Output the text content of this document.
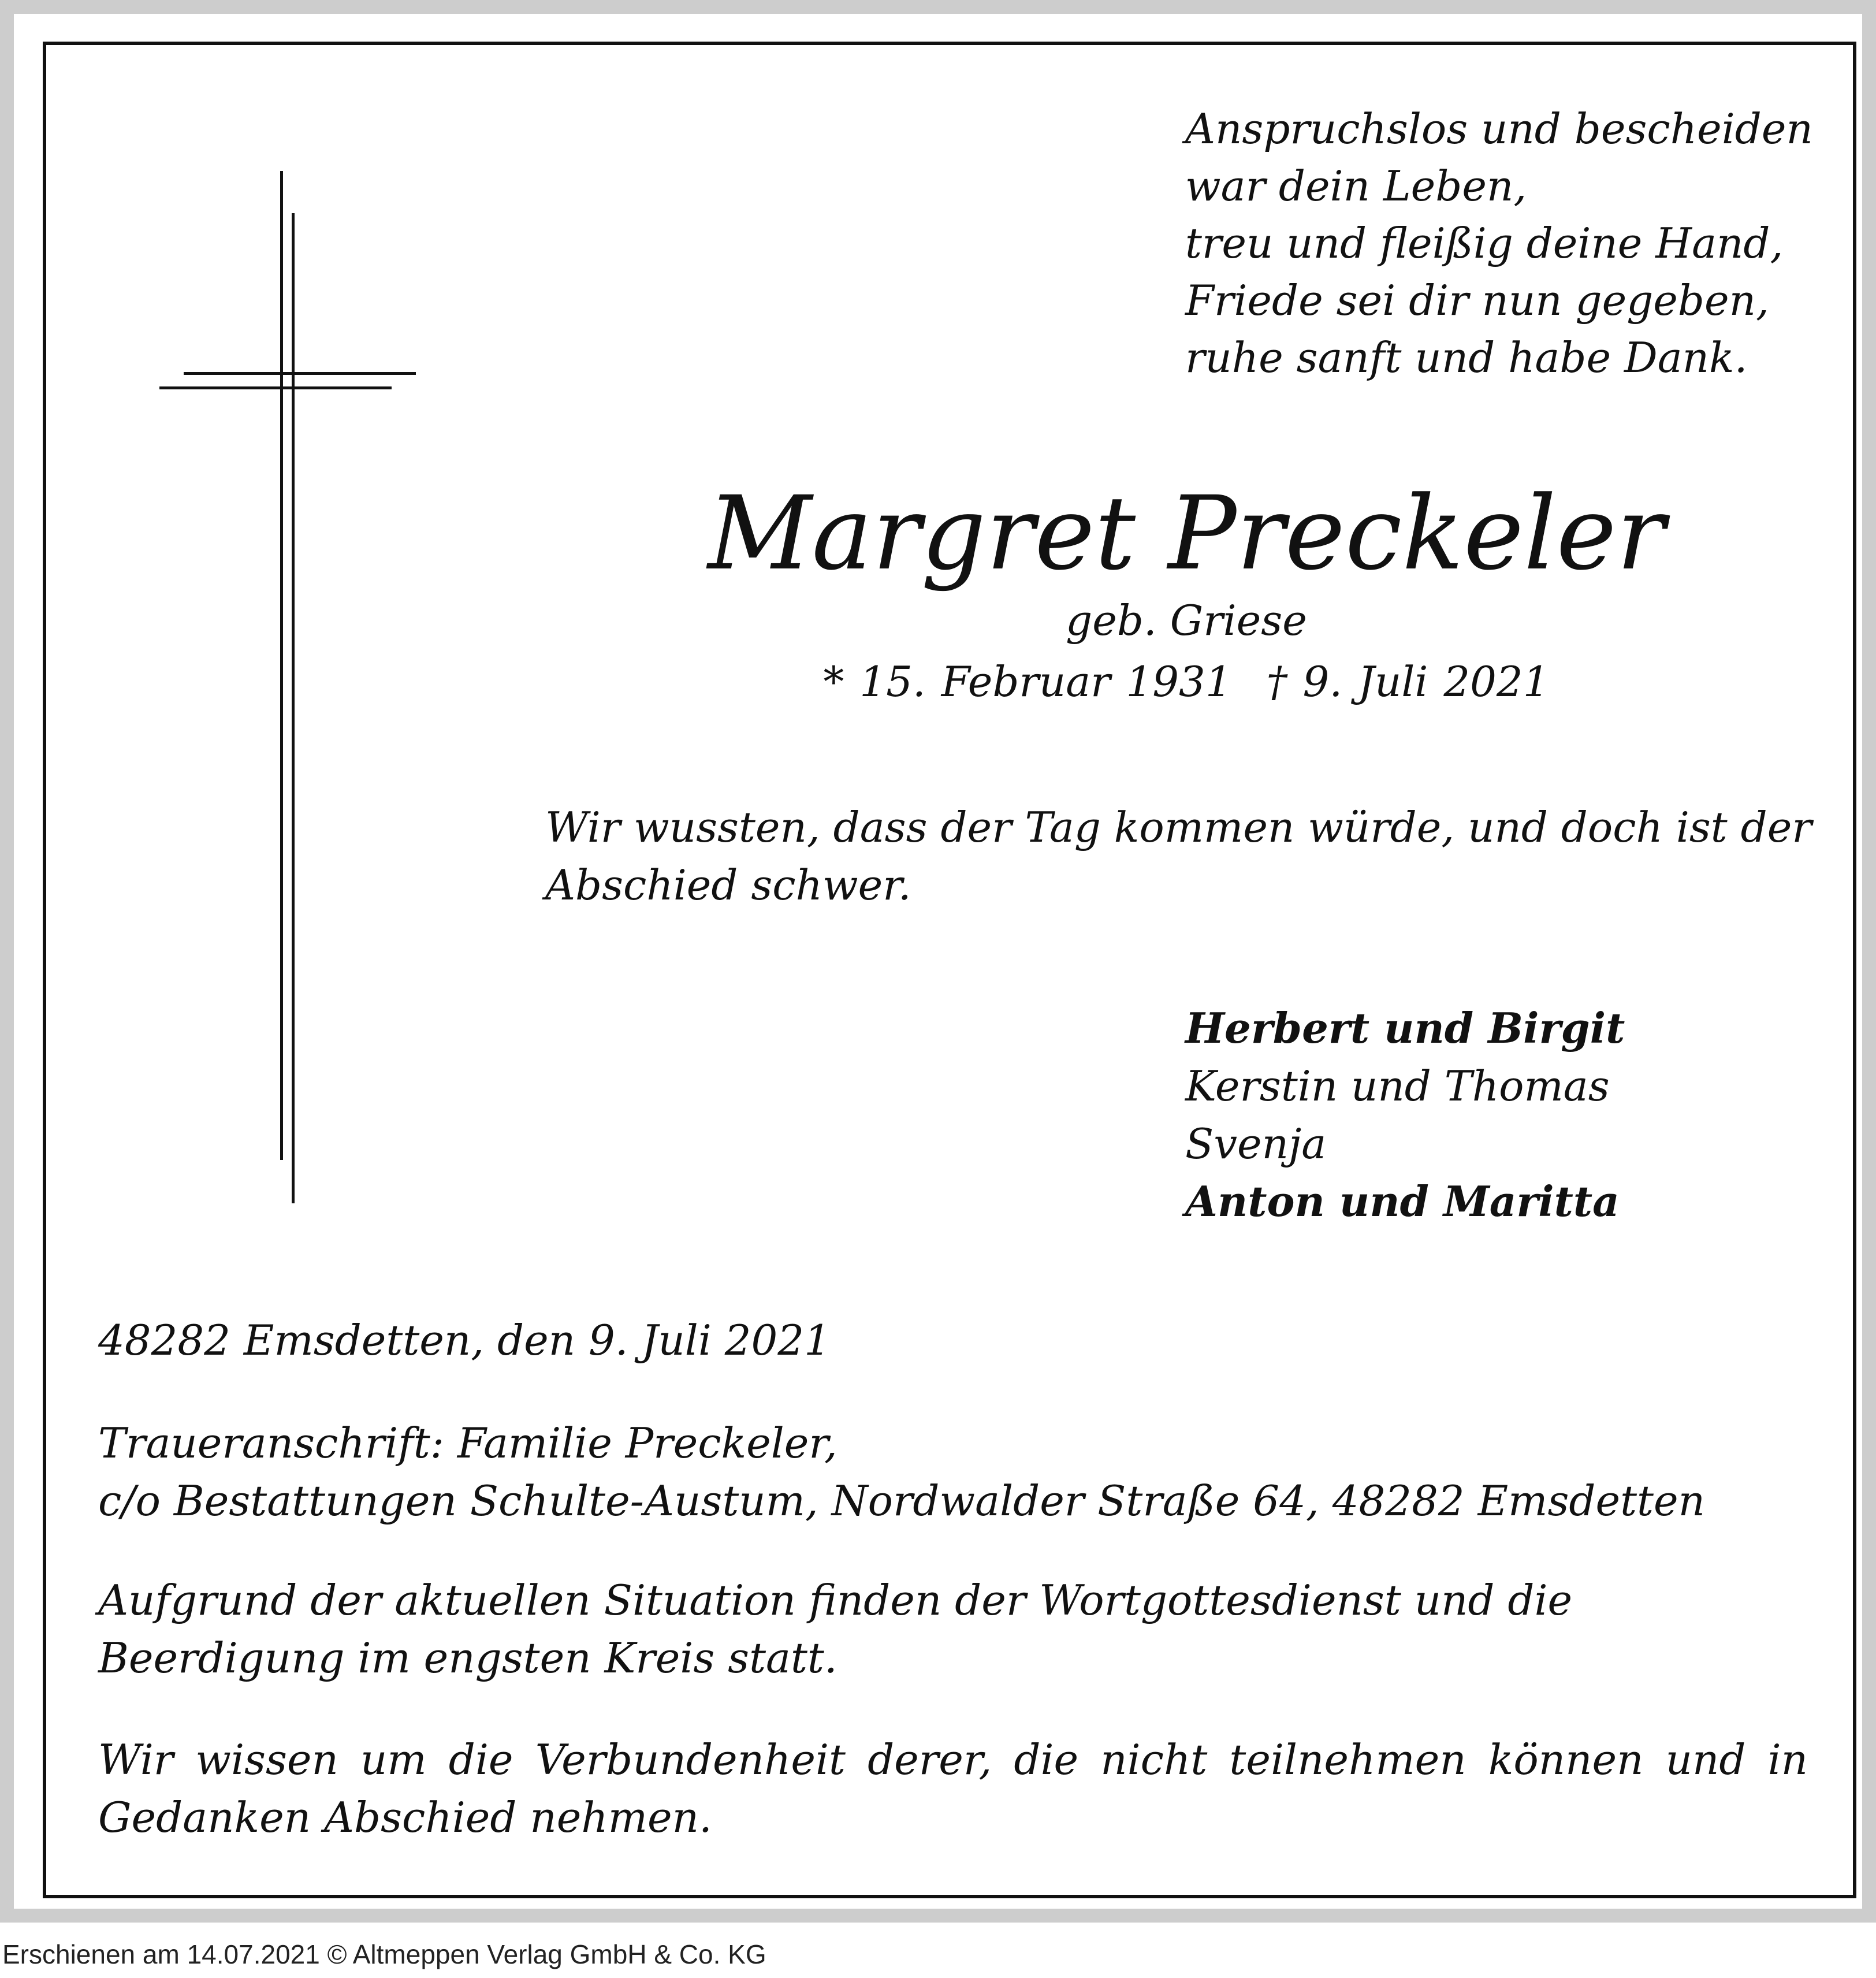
Anspruchslos und bescheiden
war dein Leben,
treu und fleißig deine Hand,
Friede sei dir nun gegeben,
ruhe sanft und habe Dank.
Margret Preckeler
geb. Griese
* 15. Februar 1931 † 9. Juli 2021
Wir wussten, dass der Tag kommen würde, und doch ist der Abschied schwer.
Herbert und Birgit
Kerstin und Thomas
Svenja
Anton und Maritta
48282 Emsdetten, den 9. Juli 2021
Traueranschrift: Familie Preckeler,
c/o Bestattungen Schulte-Austum, Nordwalder Straße 64, 48282 Emsdetten
Aufgrund der aktuellen Situation finden der Wortgottesdienst und die Beerdigung im engsten Kreis statt.
Wir wissen um die Verbundenheit derer, die nicht teilnehmen können und in Gedanken Abschied nehmen.
Erschienen am 14.07.2021 © Altmeppen Verlag GmbH & Co. KG
